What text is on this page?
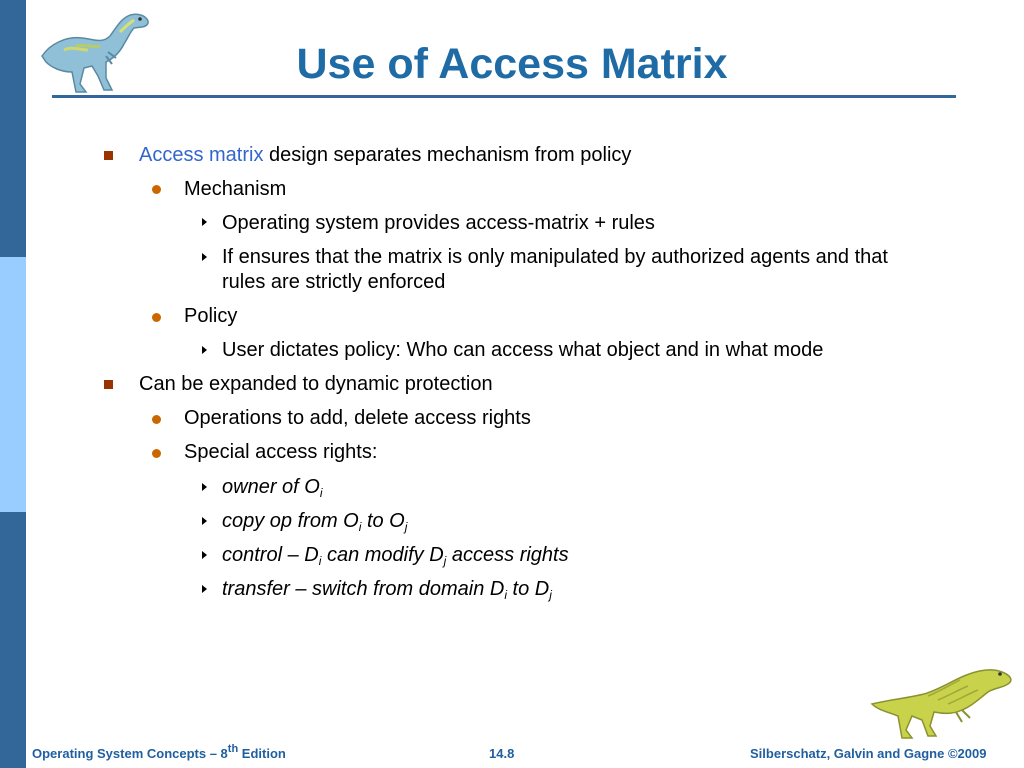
Use of Access Matrix
Access matrix design separates mechanism from policy
Mechanism
Operating system provides access-matrix + rules
If ensures that the matrix is only manipulated by authorized agents and that
rules are strictly enforced
Policy
User dictates policy: Who can access what object and in what mode
Can be expanded to dynamic protection
Operations to add, delete access rights
Special access rights:
owner of $O_i$
copy op from $O_i$ to $O_j$
control – $D_i$ can modify $D_j$ access rights
transfer – switch from domain $D_i$ to $D_j$
Operating System Concepts – 8th Edition	14.8	Silberschatz, Galvin and Gagne ©2009
